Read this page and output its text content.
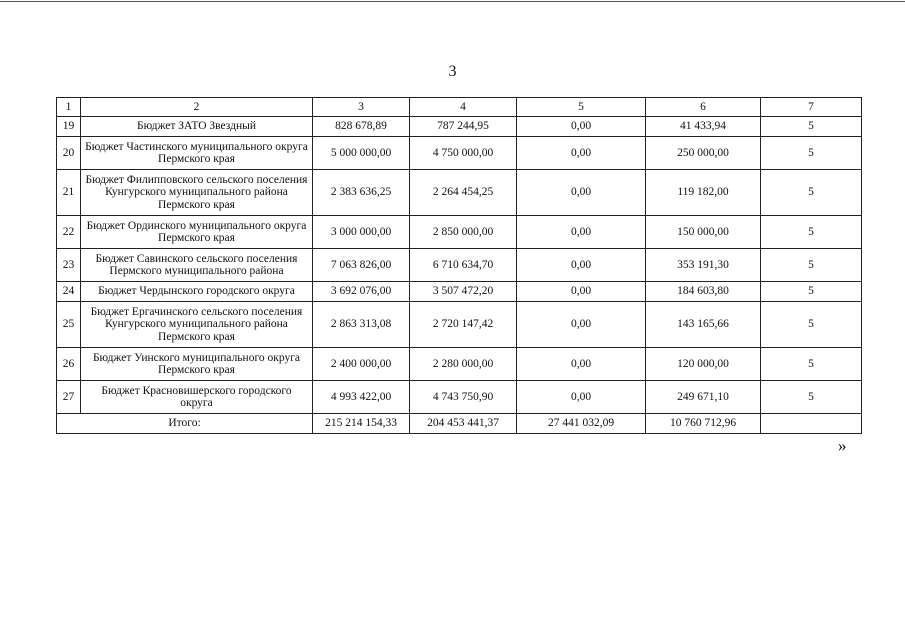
3
1	2	3	4	5	6	7
19	Бюджет ЗАТО Звездный	828 678,89	787 244,95	0,00	41 433,94	5
20	Бюджет Частинского муниципального округа Пермского края	5 000 000,00	4 750 000,00	0,00	250 000,00	5
21	Бюджет Филипповского сельского поселения Кунгурского муниципального района Пермского края	2 383 636,25	2 264 454,25	0,00	119 182,00	5
22	Бюджет Ординского муниципального округа Пермского края	3 000 000,00	2 850 000,00	0,00	150 000,00	5
23	Бюджет Савинского сельского поселения Пермского муниципального района	7 063 826,00	6 710 634,70	0,00	353 191,30	5
24	Бюджет Чердынского городского округа	3 692 076,00	3 507 472,20	0,00	184 603,80	5
25	Бюджет Ергачинского сельского поселения Кунгурского муниципального района Пермского края	2 863 313,08	2 720 147,42	0,00	143 165,66	5
26	Бюджет Уинского муниципального округа Пермского края	2 400 000,00	2 280 000,00	0,00	120 000,00	5
27	Бюджет Красновишерского городского округа	4 993 422,00	4 743 750,90	0,00	249 671,10	5
Итого:		215 214 154,33	204 453 441,37	27 441 032,09	10 760 712,96	
»
